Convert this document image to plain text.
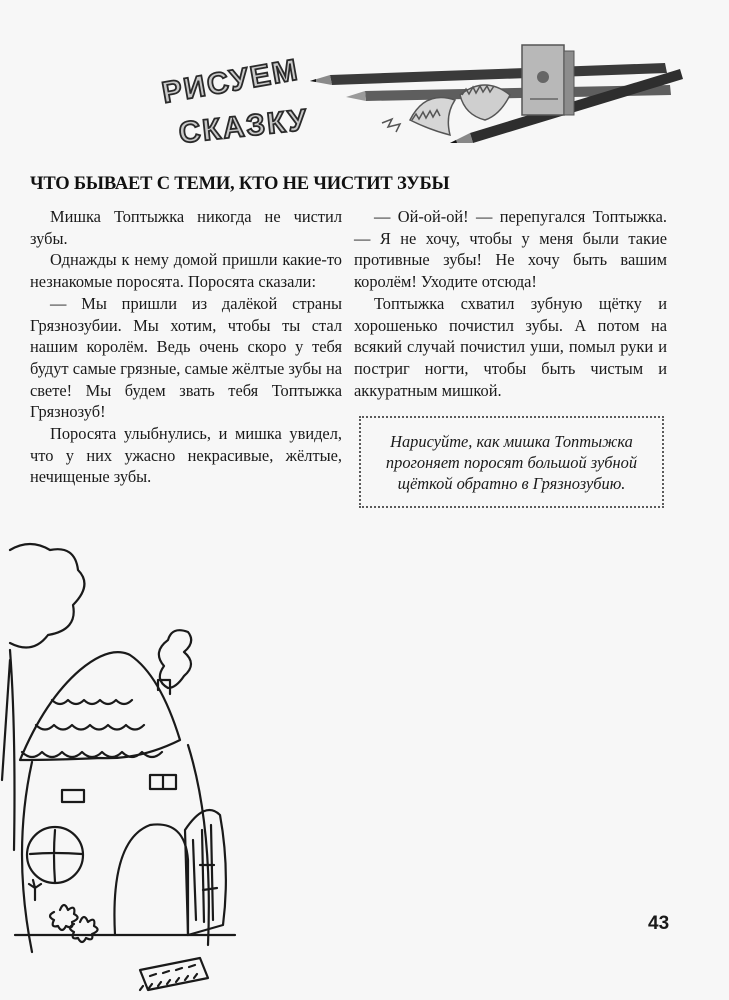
РИСУЕМ
СКАЗКУ
ЧТО БЫВАЕТ С ТЕМИ, КТО НЕ ЧИСТИТ ЗУБЫ

Мишка Топтыжка никогда не чистил зубы.

Однажды к нему домой пришли какие-то незнакомые поросята. Поросята сказали:

— Мы пришли из далёкой страны Грязнозубии. Мы хотим, чтобы ты стал нашим королём. Ведь очень скоро у тебя будут самые грязные, самые жёлтые зубы на свете! Мы будем звать тебя Топтыжка Грязнозуб!

Поросята улыбнулись, и мишка увидел, что у них ужасно некрасивые, жёлтые, нечищеные зубы.

— Ой-ой-ой! — перепугался Топтыжка. — Я не хочу, чтобы у меня были такие противные зубы! Не хочу быть вашим королём! Уходите отсюда!

Топтыжка схватил зубную щётку и хорошенько почистил зубы. А потом на всякий случай почистил уши, помыл руки и постриг ногти, чтобы быть чистым и аккуратным мишкой.

Нарисуйте, как мишка Топтыжка прогоняет поросят большой зубной щёткой обратно в Грязнозубию.
43
